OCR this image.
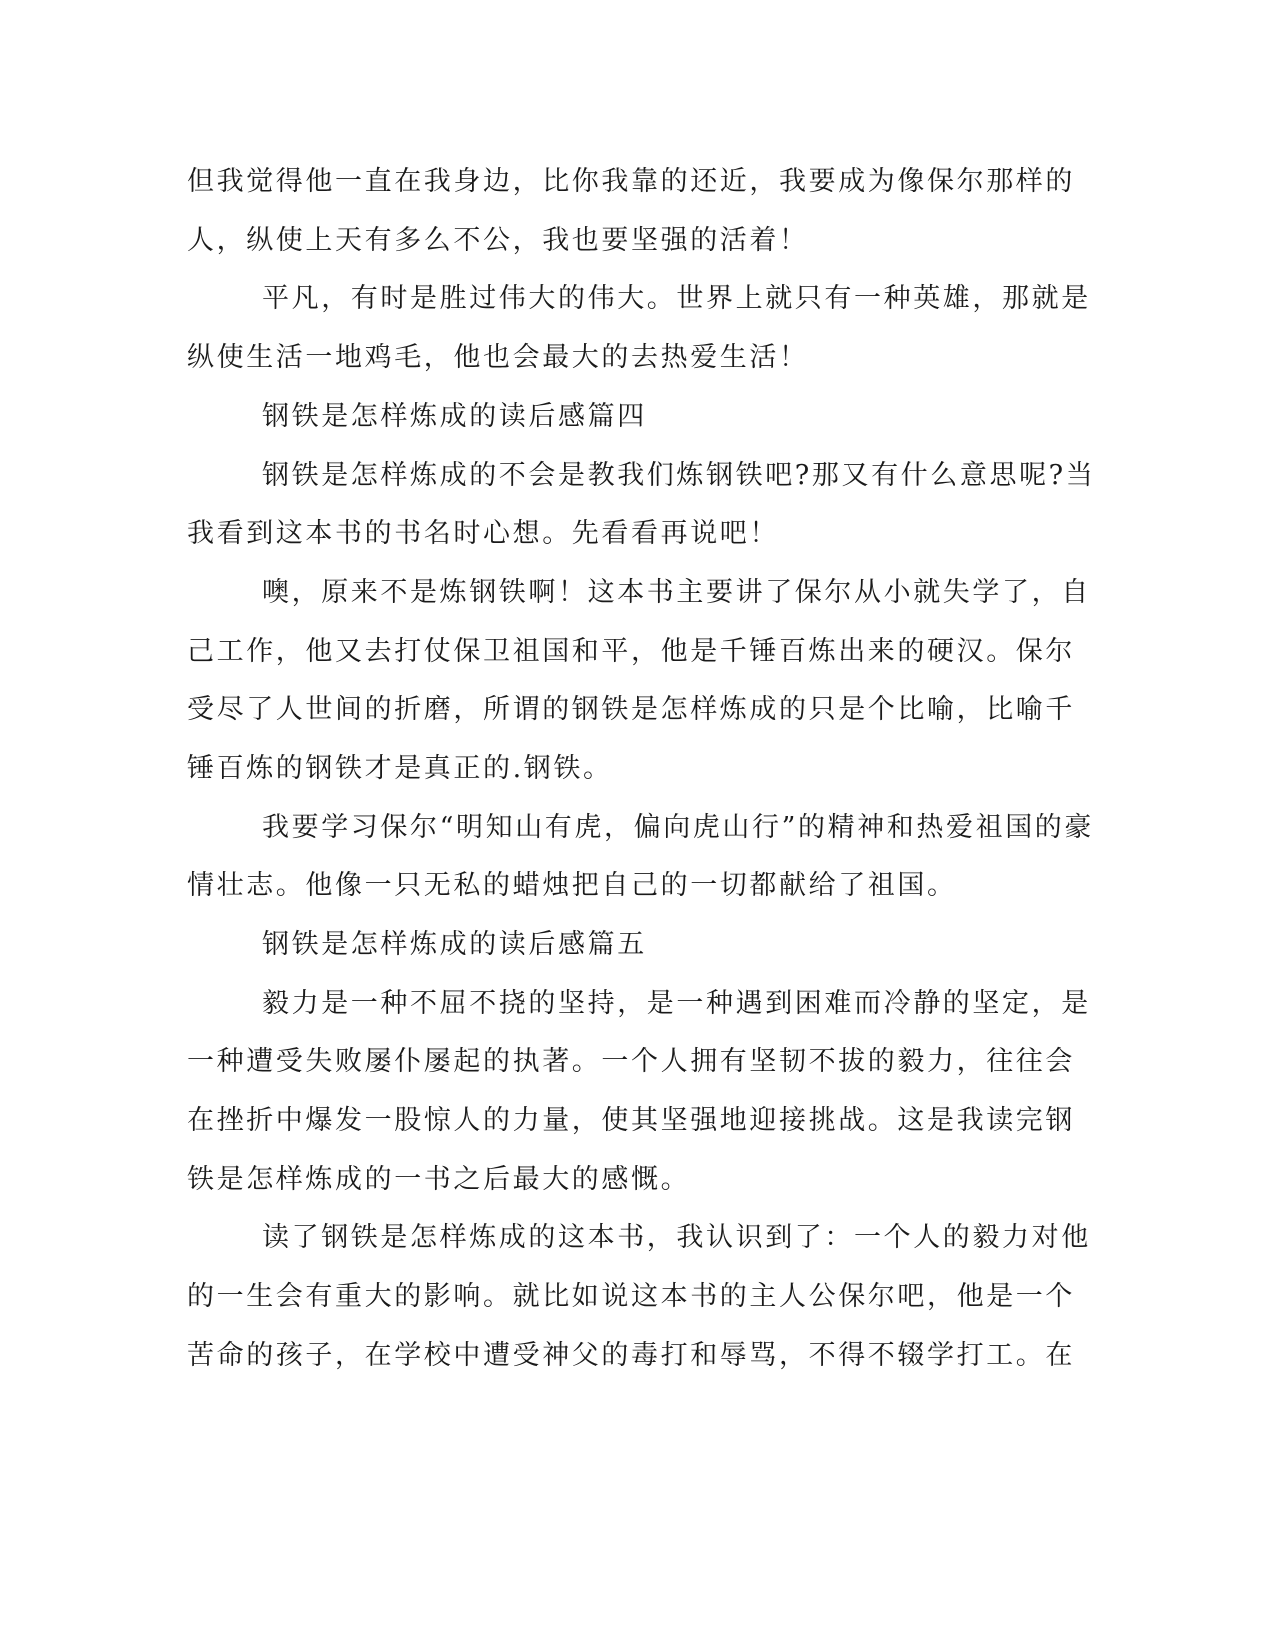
但我觉得他一直在我身边，比你我靠的还近，我要成为像保尔那样的
人，纵使上天有多么不公，我也要坚强的活着！
平凡，有时是胜过伟大的伟大。世界上就只有一种英雄，那就是
纵使生活一地鸡毛，他也会最大的去热爱生活！
钢铁是怎样炼成的读后感篇四
钢铁是怎样炼成的不会是教我们炼钢铁吧?那又有什么意思呢?当
我看到这本书的书名时心想。先看看再说吧！
噢，原来不是炼钢铁啊！这本书主要讲了保尔从小就失学了，自
己工作，他又去打仗保卫祖国和平，他是千锤百炼出来的硬汉。保尔
受尽了人世间的折磨，所谓的钢铁是怎样炼成的只是个比喻，比喻千
锤百炼的钢铁才是真正的.钢铁。
我要学习保尔“明知山有虎，偏向虎山行”的精神和热爱祖国的豪
情壮志。他像一只无私的蜡烛把自己的一切都献给了祖国。
钢铁是怎样炼成的读后感篇五
毅力是一种不屈不挠的坚持，是一种遇到困难而冷静的坚定，是
一种遭受失败屡仆屡起的执著。一个人拥有坚韧不拔的毅力，往往会
在挫折中爆发一股惊人的力量，使其坚强地迎接挑战。这是我读完钢
铁是怎样炼成的一书之后最大的感慨。
读了钢铁是怎样炼成的这本书，我认识到了：一个人的毅力对他
的一生会有重大的影响。就比如说这本书的主人公保尔吧，他是一个
苦命的孩子，在学校中遭受神父的毒打和辱骂，不得不辍学打工。在
